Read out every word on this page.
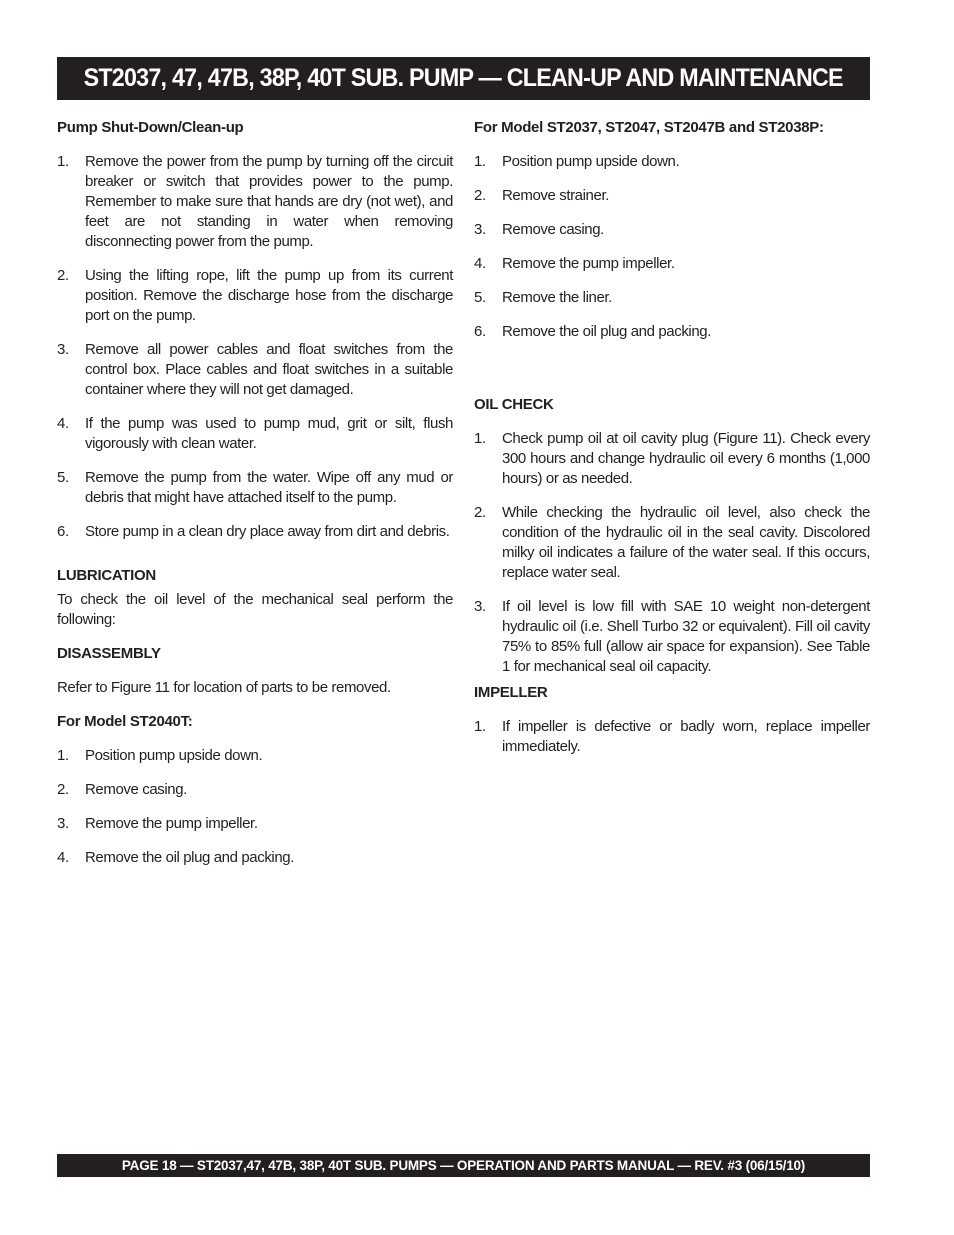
ST2037, 47, 47B, 38P, 40T SUB. PUMP — CLEAN-UP AND MAINTENANCE
Pump Shut-Down/Clean-up
1.	Remove the power from the pump by turning off the circuit breaker or switch that provides power to the pump. Remember to make sure that hands are dry (not wet), and feet are not standing in water when removing disconnecting power from the pump.
2.	Using the lifting rope, lift the pump up from its current position. Remove the discharge hose from the discharge port on the pump.
3.	Remove all power cables and float switches from the control box. Place cables and float switches in a suitable container where they will not get damaged.
4.	If the pump was used to pump mud, grit or silt, flush vigorously with clean water.
5.	Remove the pump from the water. Wipe off any mud or debris that might have attached itself to the pump.
6.	Store pump in a clean dry place away from dirt and debris.
LUBRICATION
To check the oil level of the mechanical seal perform the following:
DISASSEMBLY
Refer to Figure 11 for location of parts to be removed.
For Model ST2040T:
1.	Position pump upside down.
2.	Remove casing.
3.	Remove the pump impeller.
4.	Remove the oil plug and packing.
For Model ST2037, ST2047, ST2047B and ST2038P:
1.	Position pump upside down.
2.	Remove strainer.
3.	Remove casing.
4.	Remove the pump impeller.
5.	Remove the liner.
6.	Remove the oil plug and packing.
OIL CHECK
1.	Check pump oil at oil cavity plug (Figure 11). Check every 300 hours and change hydraulic oil every 6 months (1,000 hours) or as needed.
2.	While checking the hydraulic oil level, also check the condition of the hydraulic oil in the seal cavity. Discolored milky oil indicates a failure of the water seal. If this occurs, replace water seal.
3.	If oil level is low fill with SAE 10 weight non-detergent hydraulic oil (i.e. Shell Turbo 32 or equivalent). Fill oil cavity 75% to 85% full (allow air space for expansion). See Table 1 for mechanical seal oil capacity.
IMPELLER
1.	If impeller is defective or badly worn, replace impeller immediately.
PAGE 18 — ST2037,47, 47B, 38P, 40T SUB. PUMPS — OPERATION AND PARTS MANUAL — REV. #3 (06/15/10)
